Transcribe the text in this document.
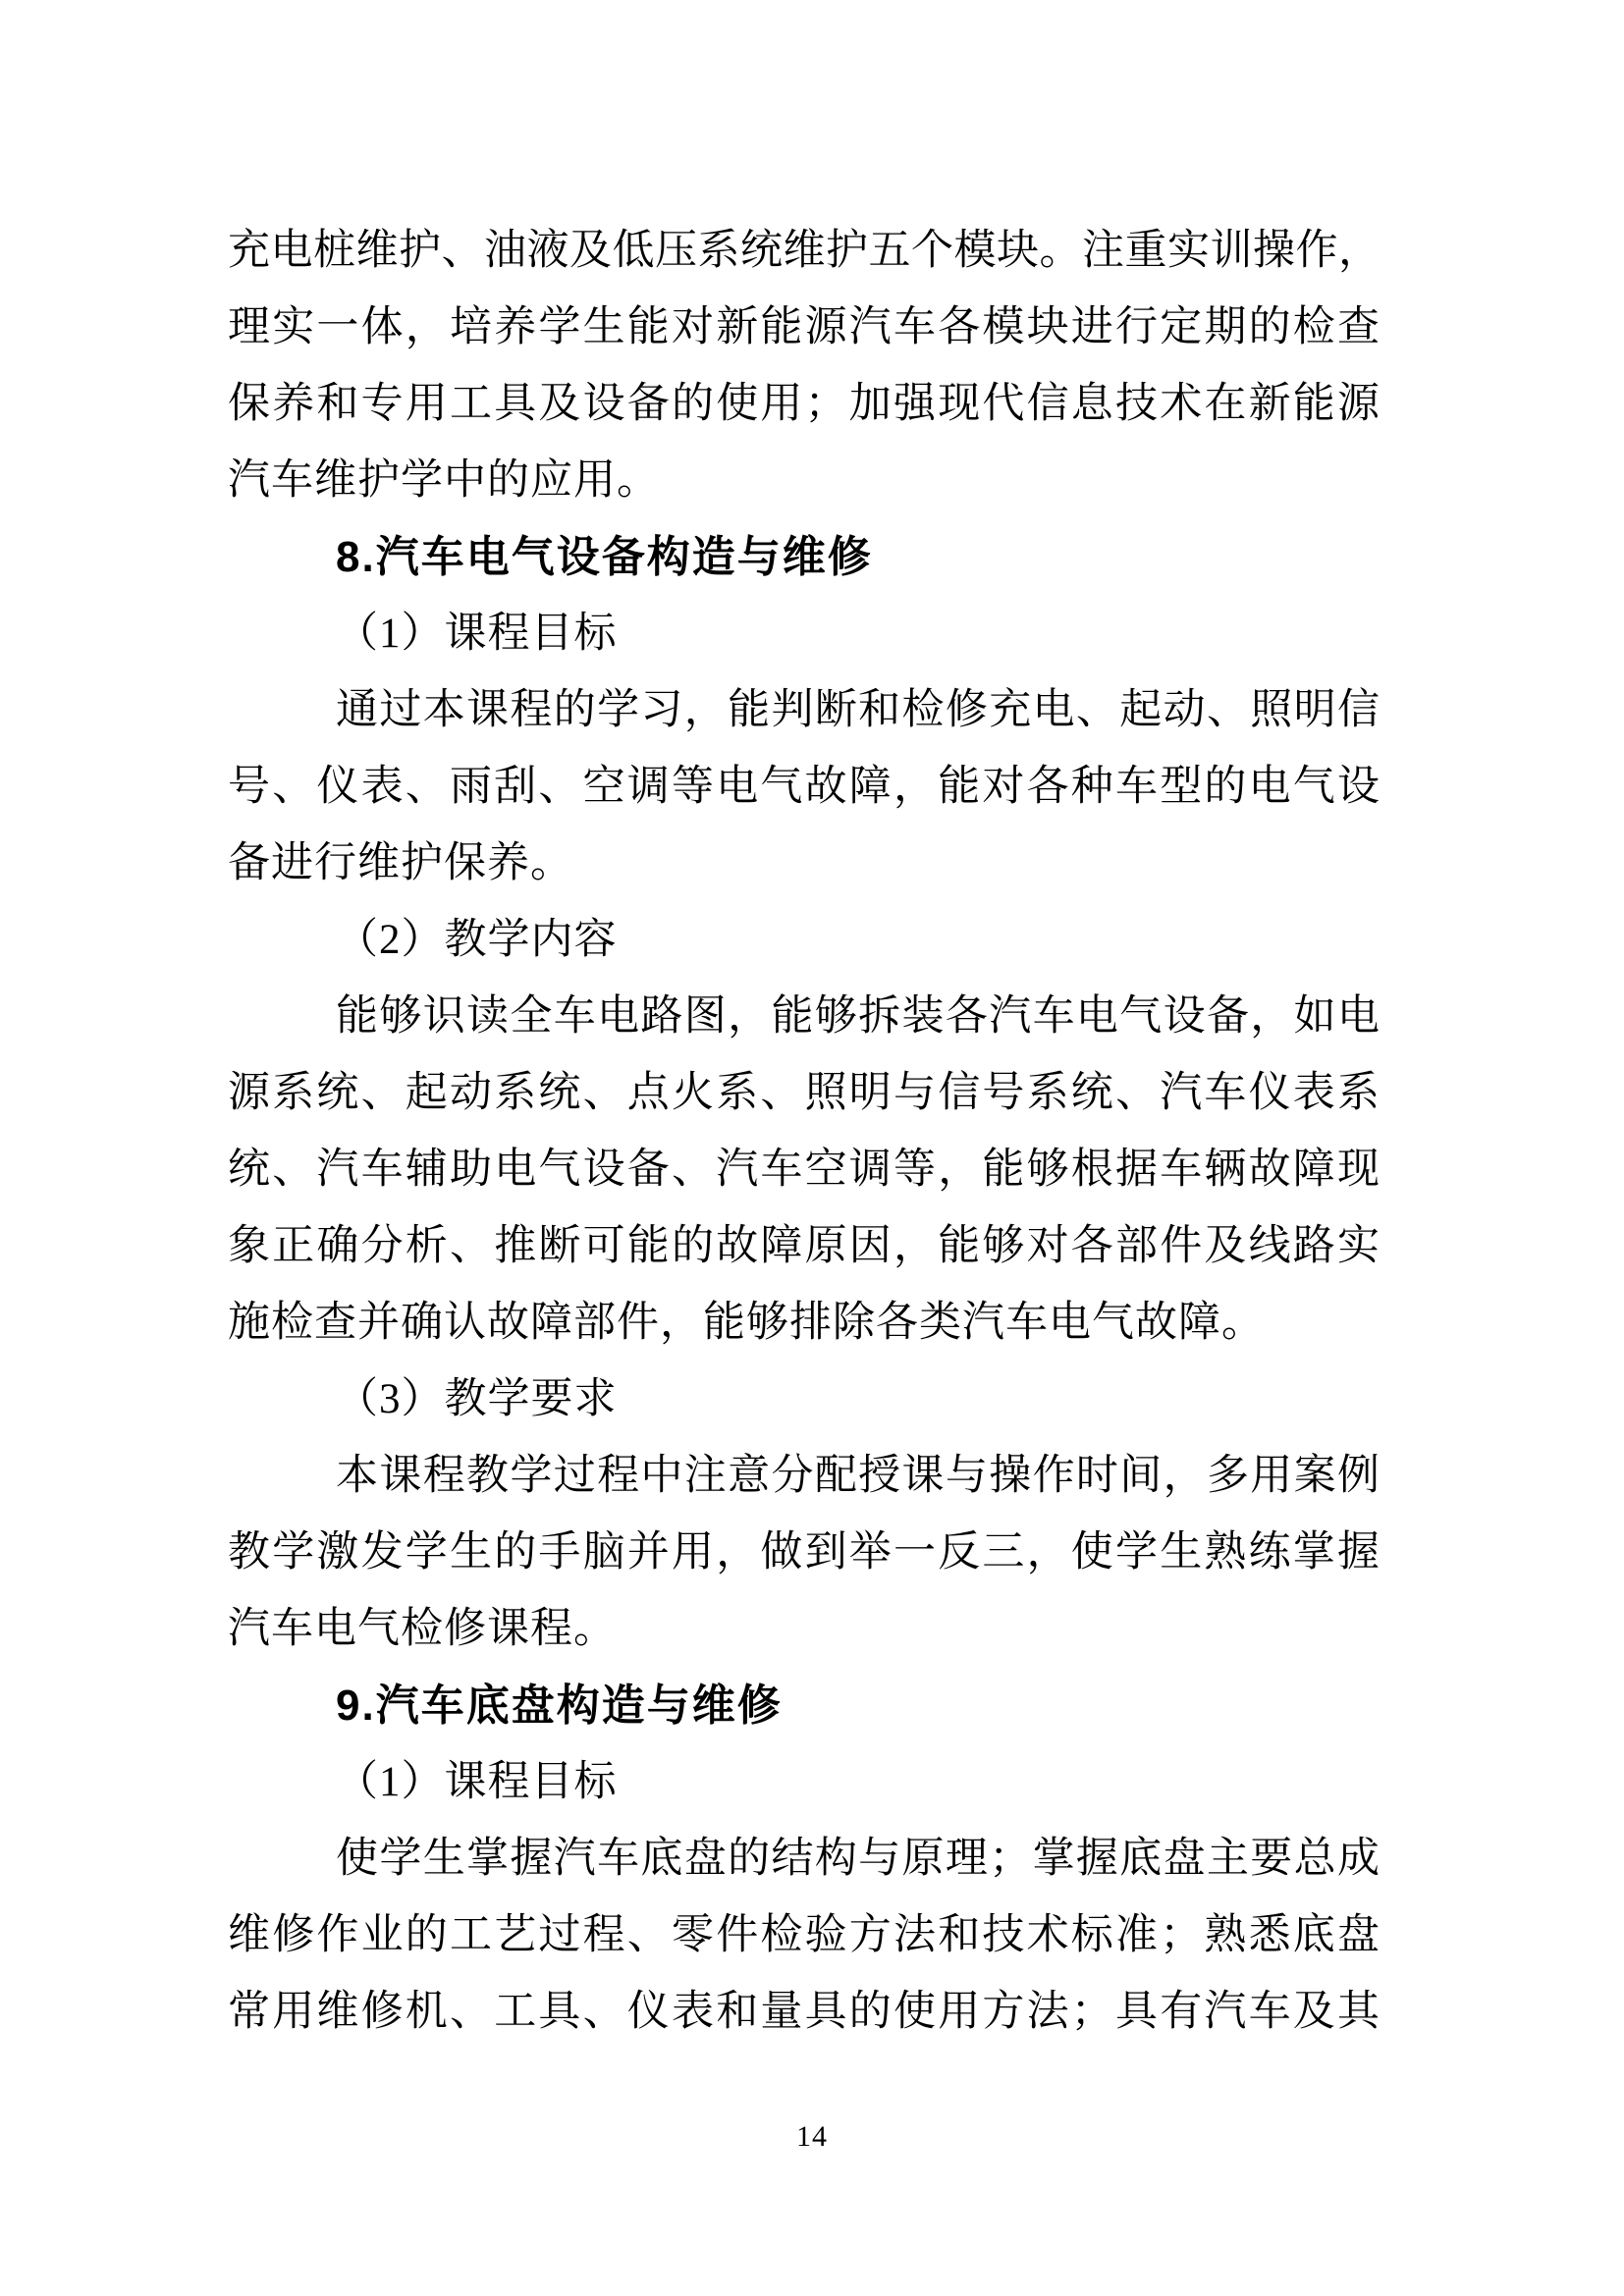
充电桩维护、油液及低压系统维护五个模块。注重实训操作，
理实一体，培养学生能对新能源汽车各模块进行定期的检查
保养和专用工具及设备的使用；加强现代信息技术在新能源
汽车维护学中的应用。
8.汽车电气设备构造与维修
（1）课程目标
通过本课程的学习，能判断和检修充电、起动、照明信
号、仪表、雨刮、空调等电气故障，能对各种车型的电气设
备进行维护保养。
（2）教学内容
能够识读全车电路图，能够拆装各汽车电气设备，如电
源系统、起动系统、点火系、照明与信号系统、汽车仪表系
统、汽车辅助电气设备、汽车空调等，能够根据车辆故障现
象正确分析、推断可能的故障原因，能够对各部件及线路实
施检查并确认故障部件，能够排除各类汽车电气故障。
（3）教学要求
本课程教学过程中注意分配授课与操作时间，多用案例
教学激发学生的手脑并用，做到举一反三，使学生熟练掌握
汽车电气检修课程。
9.汽车底盘构造与维修
（1）课程目标
使学生掌握汽车底盘的结构与原理；掌握底盘主要总成
维修作业的工艺过程、零件检验方法和技术标准；熟悉底盘
常用维修机、工具、仪表和量具的使用方法；具有汽车及其
14
